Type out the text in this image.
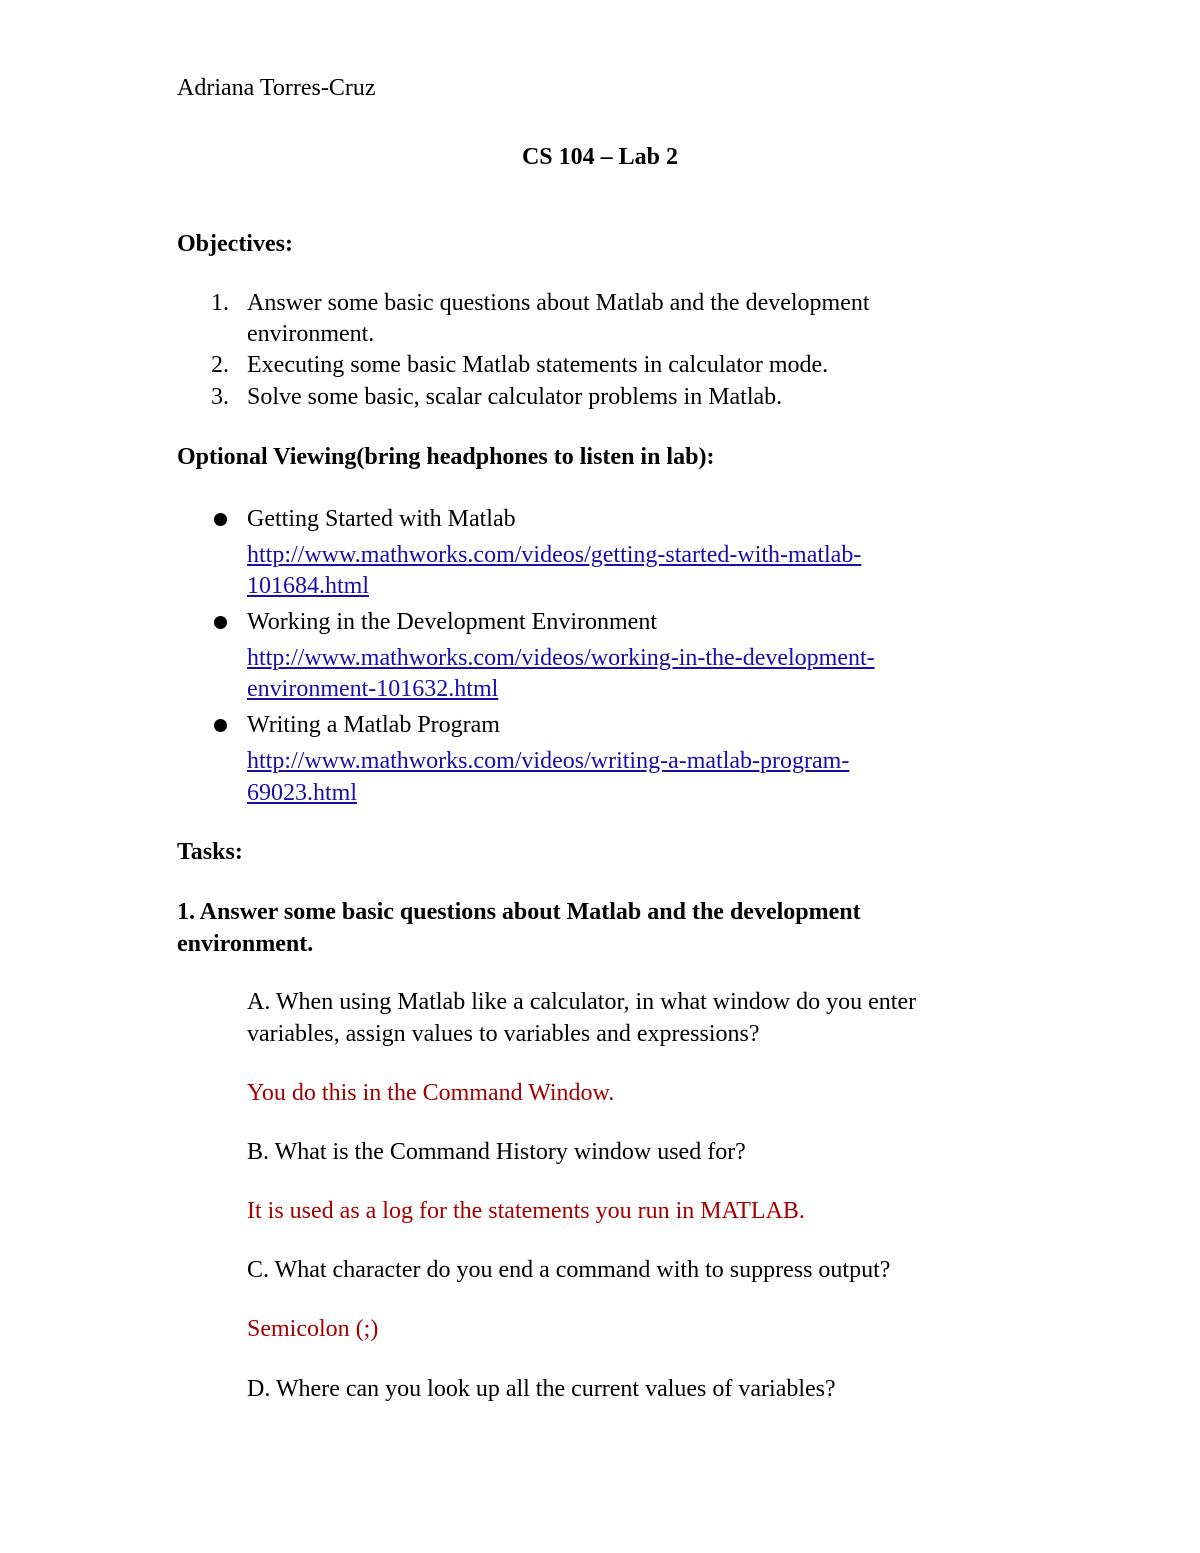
Adriana Torres-Cruz
CS 104 – Lab 2
Objectives:
1. Answer some basic questions about Matlab and the development
environment.
2. Executing some basic Matlab statements in calculator mode.
3. Solve some basic, scalar calculator problems in Matlab.
Optional Viewing(bring headphones to listen in lab):
Getting Started with Matlab
http://www.mathworks.com/videos/getting-started-with-matlab-
101684.html
Working in the Development Environment
http://www.mathworks.com/videos/working-in-the-development-
environment-101632.html
Writing a Matlab Program
http://www.mathworks.com/videos/writing-a-matlab-program-
69023.html
Tasks:
1. Answer some basic questions about Matlab and the development
environment.
A. When using Matlab like a calculator, in what window do you enter
variables, assign values to variables and expressions?
You do this in the Command Window.
B. What is the Command History window used for?
It is used as a log for the statements you run in MATLAB.
C. What character do you end a command with to suppress output?
Semicolon (;)
D. Where can you look up all the current values of variables?
